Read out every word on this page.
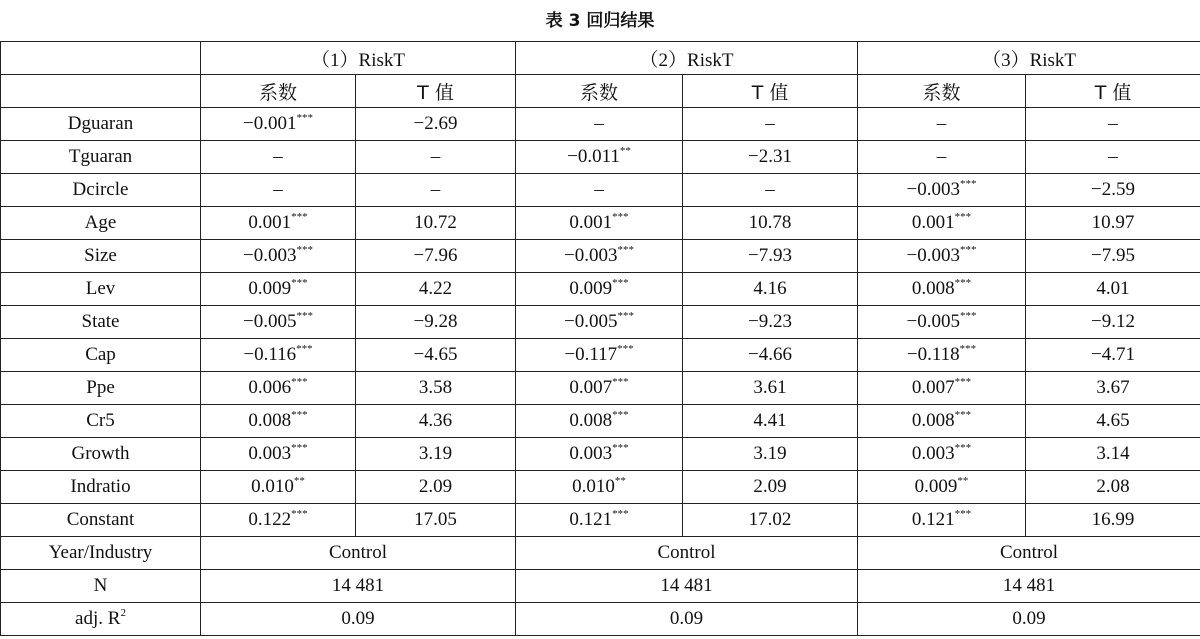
表 3 回归结果
	（1）RiskT		（2）RiskT		（3）RiskT	
	系数	T 值	系数	T 值	系数	T 值
Dguaran	−0.001***	−2.69	–	–	–	–
Tguaran	–	–	−0.011**	−2.31	–	–
Dcircle	–	–	–	–	−0.003***	−2.59
Age	0.001***	10.72	0.001***	10.78	0.001***	10.97
Size	−0.003***	−7.96	−0.003***	−7.93	−0.003***	−7.95
Lev	0.009***	4.22	0.009***	4.16	0.008***	4.01
State	−0.005***	−9.28	−0.005***	−9.23	−0.005***	−9.12
Cap	−0.116***	−4.65	−0.117***	−4.66	−0.118***	−4.71
Ppe	0.006***	3.58	0.007***	3.61	0.007***	3.67
Cr5	0.008***	4.36	0.008***	4.41	0.008***	4.65
Growth	0.003***	3.19	0.003***	3.19	0.003***	3.14
Indratio	0.010**	2.09	0.010**	2.09	0.009**	2.08
Constant	0.122***	17.05	0.121***	17.02	0.121***	16.99
Year/Industry	Control		Control		Control	
N	14 481		14 481		14 481	
adj. $R^2$	0.09		0.09		0.09	
